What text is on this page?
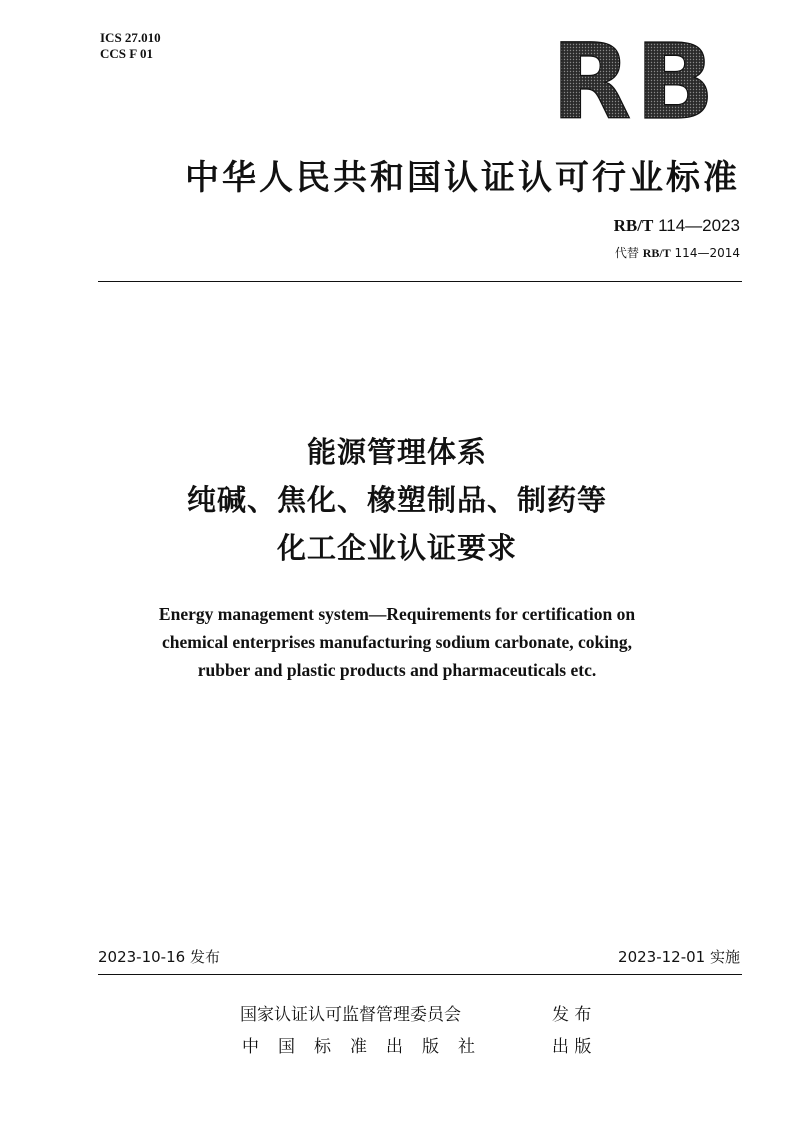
ICS 27.010
CCS F 01	RB
中华人民共和国认证认可行业标准
RB/T 114—2023
代替 RB/T 114—2014
能源管理体系
纯碱、焦化、橡塑制品、制药等
化工企业认证要求
Energy management system—Requirements for certification on
chemical enterprises manufacturing sodium carbonate, coking,
rubber and plastic products and pharmaceuticals etc.
2023-10-16 发布	2023-12-01 实施
国家认证认可监督管理委员会	发 布
中国标准出版社	出 版
